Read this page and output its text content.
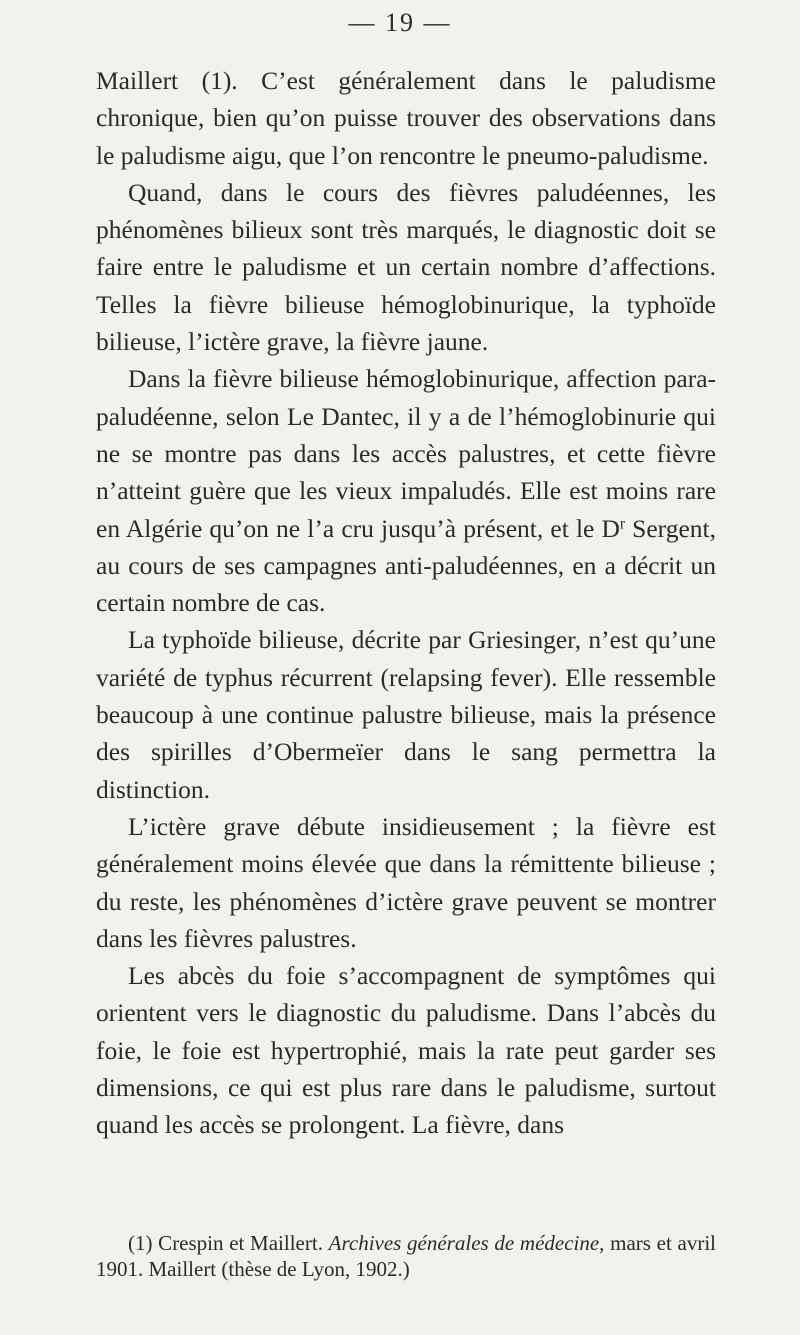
— 19 —

Maillert (1). C’est généralement dans le paludisme chronique, bien qu’on puisse trouver des observations dans le paludisme aigu, que l’on rencontre le pneumo-paludisme.

Quand, dans le cours des fièvres paludéennes, les phénomènes bilieux sont très marqués, le diagnostic doit se faire entre le paludisme et un certain nombre d’affections. Telles la fièvre bilieuse hémoglobinurique, la typhoïde bilieuse, l’ictère grave, la fièvre jaune.

Dans la fièvre bilieuse hémoglobinurique, affection para-paludéenne, selon Le Dantec, il y a de l’hémoglobinurie qui ne se montre pas dans les accès palustres, et cette fièvre n’atteint guère que les vieux impaludés. Elle est moins rare en Algérie qu’on ne l’a cru jusqu’à présent, et le $D^r$ Sergent, au cours de ses campagnes anti-paludéennes, en a décrit un certain nombre de cas.

La typhoïde bilieuse, décrite par Griesinger, n’est qu’une variété de typhus récurrent (relapsing fever). Elle ressemble beaucoup à une continue palustre bilieuse, mais la présence des spirilles d’Obermeïer dans le sang permettra la distinction.

L’ictère grave débute insidieusement ; la fièvre est généralement moins élevée que dans la rémittente bilieuse ; du reste, les phénomènes d’ictère grave peuvent se montrer dans les fièvres palustres.

Les abcès du foie s’accompagnent de symptômes qui orientent vers le diagnostic du paludisme. Dans l’abcès du foie, le foie est hypertrophié, mais la rate peut garder ses dimensions, ce qui est plus rare dans le paludisme, surtout quand les accès se prolongent. La fièvre, dans

(1) Crespin et Maillert. Archives générales de médecine, mars et avril 1901. Maillert (thèse de Lyon, 1902.)
